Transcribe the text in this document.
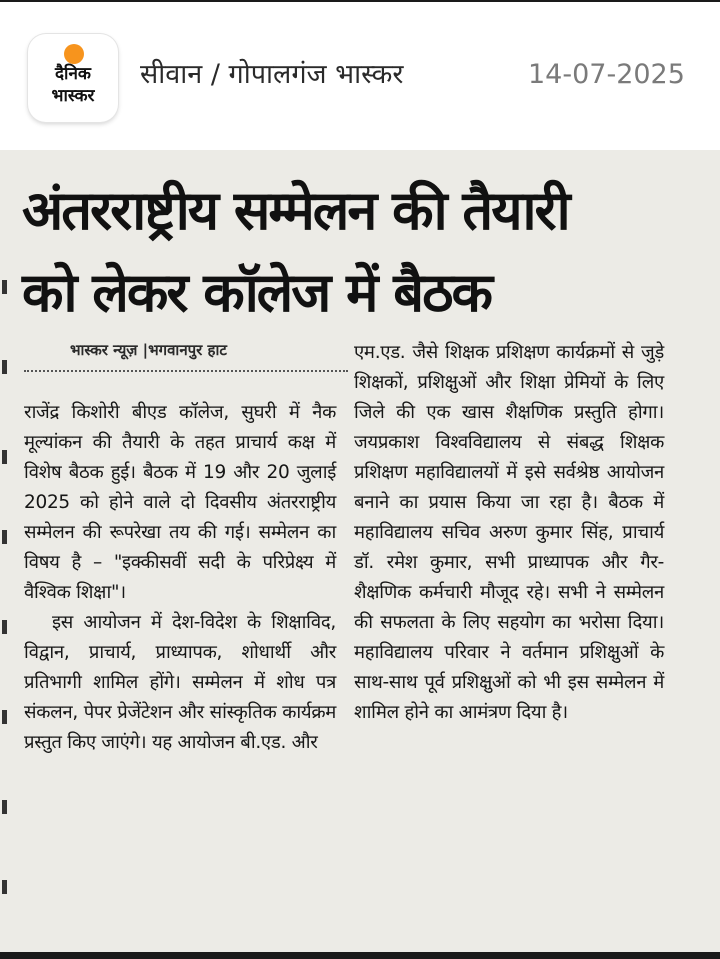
दैनिक
भास्कर
सीवान / गोपालगंज भास्कर	14-07-2025
अंतरराष्ट्रीय सम्मेलन की तैयारी
को लेकर कॉलेज में बैठक
भास्कर न्यूज़ |भगवानपुर हाट

राजेंद्र किशोरी बीएड कॉलेज, सुघरी में नैक मूल्यांकन की तैयारी के तहत प्राचार्य कक्ष में विशेष बैठक हुई। बैठक में 19 और 20 जुलाई 2025 को होने वाले दो दिवसीय अंतरराष्ट्रीय सम्मेलन की रूपरेखा तय की गई। सम्मेलन का विषय है – "इक्कीसवीं सदी के परिप्रेक्ष्य में वैश्विक शिक्षा"।

इस आयोजन में देश-विदेश के शिक्षाविद, विद्वान, प्राचार्य, प्राध्यापक, शोधार्थी और प्रतिभागी शामिल होंगे। सम्मेलन में शोध पत्र संकलन, पेपर प्रेजेंटेशन और सांस्कृतिक कार्यक्रम प्रस्तुत किए जाएंगे। यह आयोजन बी.एड. और

एम.एड. जैसे शिक्षक प्रशिक्षण कार्यक्रमों से जुड़े शिक्षकों, प्रशिक्षुओं और शिक्षा प्रेमियों के लिए जिले की एक खास शैक्षणिक प्रस्तुति होगा।जयप्रकाश विश्वविद्यालय से संबद्ध शिक्षक प्रशिक्षण महाविद्यालयों में इसे सर्वश्रेष्ठ आयोजन बनाने का प्रयास किया जा रहा है। बैठक में महाविद्यालय सचिव अरुण कुमार सिंह, प्राचार्य डॉ. रमेश कुमार, सभी प्राध्यापक और गैर-शैक्षणिक कर्मचारी मौजूद रहे। सभी ने सम्मेलन की सफलता के लिए सहयोग का भरोसा दिया।महाविद्यालय परिवार ने वर्तमान प्रशिक्षुओं के साथ-साथ पूर्व प्रशिक्षुओं को भी इस सम्मेलन में शामिल होने का आमंत्रण दिया है।
